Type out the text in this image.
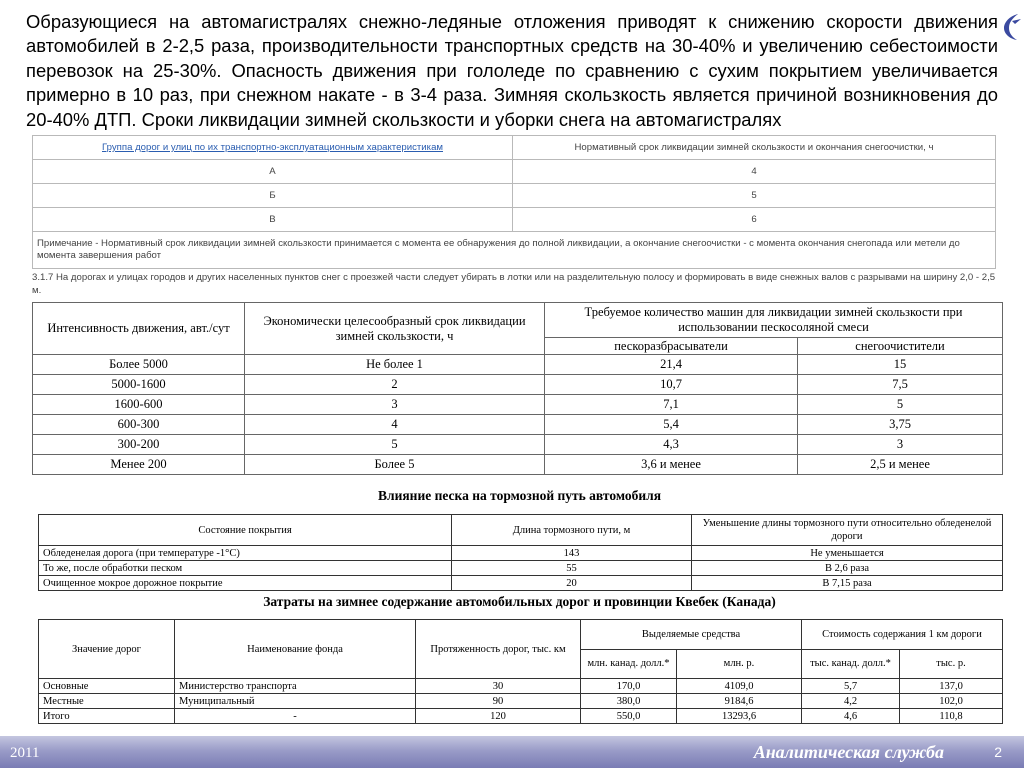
Образующиеся на автомагистралях снежно-ледяные отложения приводят к снижению скорости движения автомобилей в 2-2,5 раза, производительности транспортных средств на 30-40% и увеличению себестоимости перевозок на 25-30%. Опасность движения при гололеде по сравнению с сухим покрытием увеличивается примерно в 10 раз, при снежном накате - в 3-4 раза. Зимняя скользкость является причиной возникновения до 20-40% ДТП. Сроки ликвидации зимней скользкости и уборки снега на автомагистралях

Группа дорог и улиц по их транспортно-эксплуатационным характеристикам	Нормативный срок ликвидации зимней скользкости и окончания снегоочистки, ч
А	4
Б	5
В	6
Примечание - Нормативный срок ликвидации зимней скользкости принимается с момента ее обнаружения до полной ликвидации, а окончание снегоочистки - с момента окончания снегопада или метели до момента завершения работ	

3.1.7 На дорогах и улицах городов и других населенных пунктов снег с проезжей части следует убирать в лотки или на разделительную полосу и формировать в виде снежных валов с разрывами на ширину 2,0 - 2,5 м.

Интенсивность движения, авт./сут	Экономически целесообразный срок ликвидации зимней скользкости, ч	Требуемое количество машин для ликвидации зимней скользкости при использовании пескосоляной смеси	
		пескоразбрасыватели	снегоочистители
Более 5000	Не более 1	21,4	15
5000-1600	2	10,7	7,5
1600-600	3	7,1	5
600-300	4	5,4	3,75
300-200	5	4,3	3
Менее 200	Более 5	3,6 и менее	2,5 и менее

Влияние песка на тормозной путь автомобиля

Состояние покрытия	Длина тормозного пути, м	Уменьшение длины тормозного пути относительно обледенелой дороги
Обледенелая дорога (при температуре -1°С)	143	Не уменьшается
То же, после обработки песком	55	В 2,6 раза
Очищенное мокрое дорожное покрытие	20	В 7,15 раза

Затраты на зимнее содержание автомобильных дорог и провинции Квебек (Канада)

Значение дорог	Наименование фонда	Протяженность дорог, тыс. км	Выделяемые средства		Стоимость содержания 1 км дороги	
			млн. канад. долл.*	млн. р.	тыс. канад. долл.*	тыс. р.
Основные	Министерство транспорта	30	170,0	4109,0	5,7	137,0
Местные	Муниципальный	90	380,0	9184,6	4,2	102,0
Итого	-	120	550,0	13293,6	4,6	110,8
2011	Аналитическая служба	2
